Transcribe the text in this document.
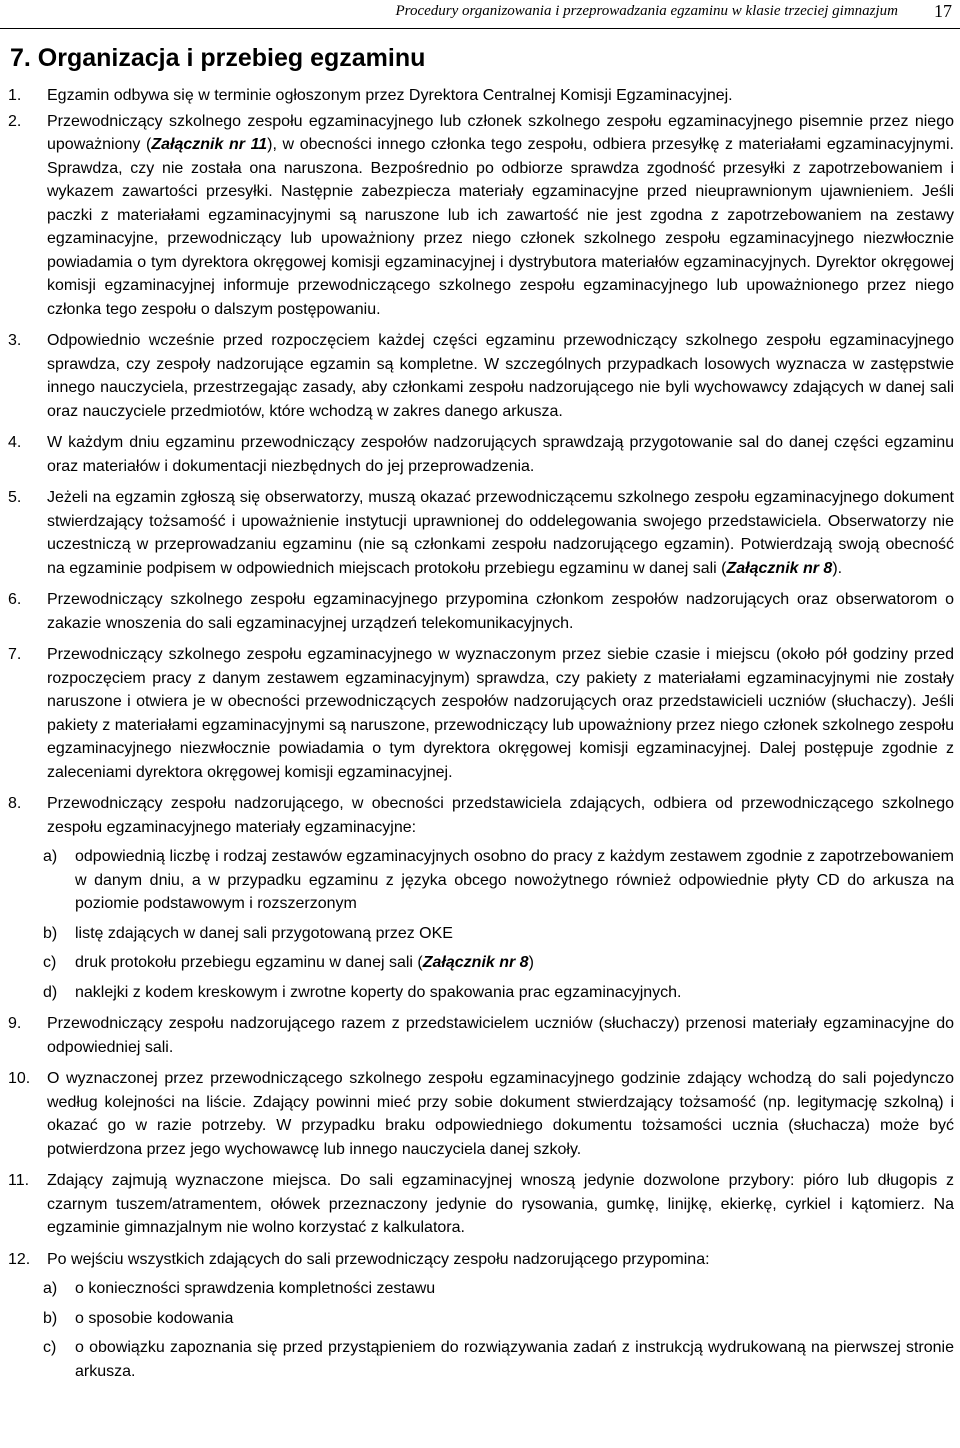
Procedury organizowania i przeprowadzania egzaminu w klasie trzeciej gimnazjum 17
7. Organizacja i przebieg egzaminu
1. Egzamin odbywa się w terminie ogłoszonym przez Dyrektora Centralnej Komisji Egzaminacyjnej.
2. Przewodniczący szkolnego zespołu egzaminacyjnego lub członek szkolnego zespołu egzaminacyjnego pisemnie przez niego upoważniony (Załącznik nr 11), w obecności innego członka tego zespołu, odbiera przesyłkę z materiałami egzaminacyjnymi. Sprawdza, czy nie została ona naruszona. Bezpośrednio po odbiorze sprawdza zgodność przesyłki z zapotrzebowaniem i wykazem zawartości przesyłki. Następnie zabezpiecza materiały egzaminacyjne przed nieuprawnionym ujawnieniem. Jeśli paczki z materiałami egzaminacyjnymi są naruszone lub ich zawartość nie jest zgodna z zapotrzebowaniem na zestawy egzaminacyjne, przewodniczący lub upoważniony przez niego członek szkolnego zespołu egzaminacyjnego niezwłocznie powiadamia o tym dyrektora okręgowej komisji egzaminacyjnej i dystrybutora materiałów egzaminacyjnych. Dyrektor okręgowej komisji egzaminacyjnej informuje przewodniczącego szkolnego zespołu egzaminacyjnego lub upoważnionego przez niego członka tego zespołu o dalszym postępowaniu.
3. Odpowiednio wcześnie przed rozpoczęciem każdej części egzaminu przewodniczący szkolnego zespołu egzaminacyjnego sprawdza, czy zespoły nadzorujące egzamin są kompletne. W szczególnych przypadkach losowych wyznacza w zastępstwie innego nauczyciela, przestrzegając zasady, aby członkami zespołu nadzorującego nie byli wychowawcy zdających w danej sali oraz nauczyciele przedmiotów, które wchodzą w zakres danego arkusza.
4. W każdym dniu egzaminu przewodniczący zespołów nadzorujących sprawdzają przygotowanie sal do danej części egzaminu oraz materiałów i dokumentacji niezbędnych do jej przeprowadzenia.
5. Jeżeli na egzamin zgłoszą się obserwatorzy, muszą okazać przewodniczącemu szkolnego zespołu egzaminacyjnego dokument stwierdzający tożsamość i upoważnienie instytucji uprawnionej do oddelegowania swojego przedstawiciela. Obserwatorzy nie uczestniczą w przeprowadzaniu egzaminu (nie są członkami zespołu nadzorującego egzamin). Potwierdzają swoją obecność na egzaminie podpisem w odpowiednich miejscach protokołu przebiegu egzaminu w danej sali (Załącznik nr 8).
6. Przewodniczący szkolnego zespołu egzaminacyjnego przypomina członkom zespołów nadzorujących oraz obserwatorom o zakazie wnoszenia do sali egzaminacyjnej urządzeń telekomunikacyjnych.
7. Przewodniczący szkolnego zespołu egzaminacyjnego w wyznaczonym przez siebie czasie i miejscu (około pół godziny przed rozpoczęciem pracy z danym zestawem egzaminacyjnym) sprawdza, czy pakiety z materiałami egzaminacyjnymi nie zostały naruszone i otwiera je w obecności przewodniczących zespołów nadzorujących oraz przedstawicieli uczniów (słuchaczy). Jeśli pakiety z materiałami egzaminacyjnymi są naruszone, przewodniczący lub upoważniony przez niego członek szkolnego zespołu egzaminacyjnego niezwłocznie powiadamia o tym dyrektora okręgowej komisji egzaminacyjnej. Dalej postępuje zgodnie z zaleceniami dyrektora okręgowej komisji egzaminacyjnej.
8. Przewodniczący zespołu nadzorującego, w obecności przedstawiciela zdających, odbiera od przewodniczącego szkolnego zespołu egzaminacyjnego materiały egzaminacyjne:
a) odpowiednią liczbę i rodzaj zestawów egzaminacyjnych osobno do pracy z każdym zestawem zgodnie z zapotrzebowaniem w danym dniu, a w przypadku egzaminu z języka obcego nowożytnego również odpowiednie płyty CD do arkusza na poziomie podstawowym i rozszerzonym
b) listę zdających w danej sali przygotowaną przez OKE
c) druk protokołu przebiegu egzaminu w danej sali (Załącznik nr 8)
d) naklejki z kodem kreskowym i zwrotne koperty do spakowania prac egzaminacyjnych.
9. Przewodniczący zespołu nadzorującego razem z przedstawicielem uczniów (słuchaczy) przenosi materiały egzaminacyjne do odpowiedniej sali.
10. O wyznaczonej przez przewodniczącego szkolnego zespołu egzaminacyjnego godzinie zdający wchodzą do sali pojedynczo według kolejności na liście. Zdający powinni mieć przy sobie dokument stwierdzający tożsamość (np. legitymację szkolną) i okazać go w razie potrzeby. W przypadku braku odpowiedniego dokumentu tożsamości ucznia (słuchacza) może być potwierdzona przez jego wychowawcę lub innego nauczyciela danej szkoły.
11. Zdający zajmują wyznaczone miejsca. Do sali egzaminacyjnej wnoszą jedynie dozwolone przybory: pióro lub długopis z czarnym tuszem/atramentem, ołówek przeznaczony jedynie do rysowania, gumkę, linijkę, ekierkę, cyrkiel i kątomierz. Na egzaminie gimnazjalnym nie wolno korzystać z kalkulatora.
12. Po wejściu wszystkich zdających do sali przewodniczący zespołu nadzorującego przypomina:
a) o konieczności sprawdzenia kompletności zestawu
b) o sposobie kodowania
c) o obowiązku zapoznania się przed przystąpieniem do rozwiązywania zadań z instrukcją wydrukowaną na pierwszej stronie arkusza.
